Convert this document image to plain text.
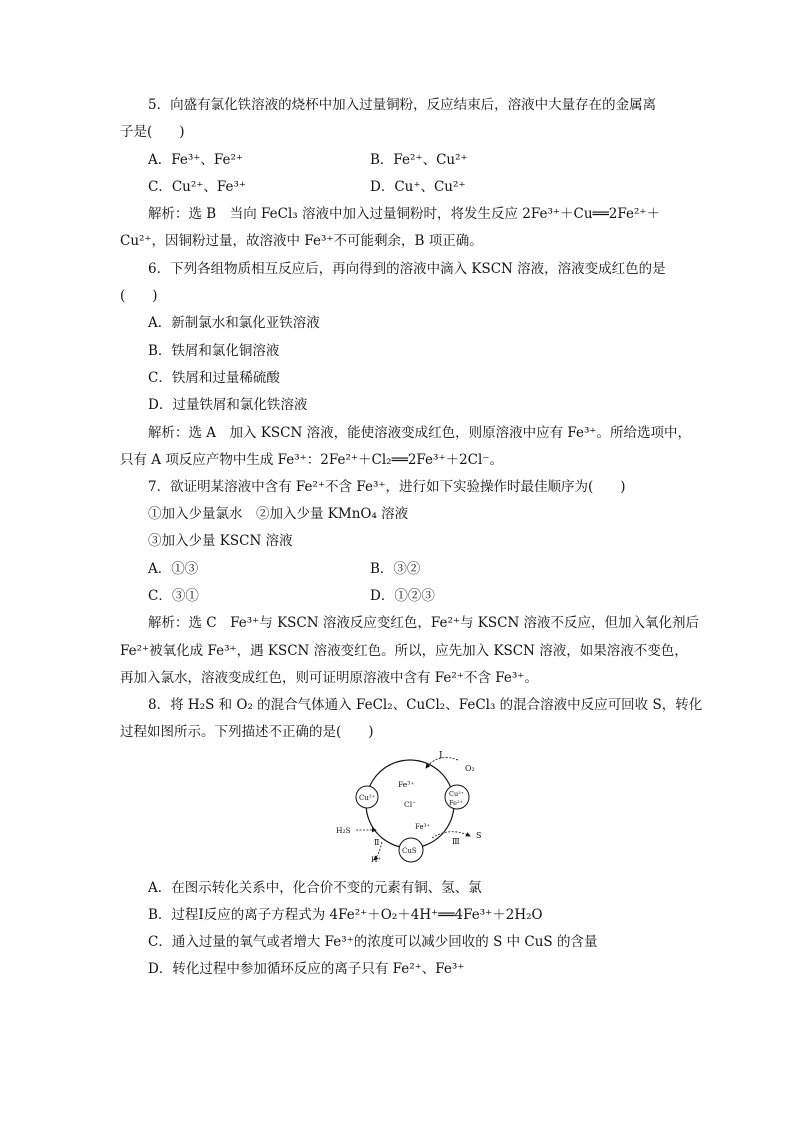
5．向盛有氯化铁溶液的烧杯中加入过量铜粉，反应结束后，溶液中大量存在的金属离
子是(　　)
A．Fe³⁺、Fe²⁺	B．Fe²⁺、Cu²⁺
C．Cu²⁺、Fe³⁺	D．Cu⁺、Cu²⁺
解析：选 B　当向 FeCl₃ 溶液中加入过量铜粉时，将发生反应 2Fe³⁺＋Cu══2Fe²⁺＋
Cu²⁺，因铜粉过量，故溶液中 Fe³⁺不可能剩余，B 项正确。
6．下列各组物质相互反应后，再向得到的溶液中滴入 KSCN 溶液，溶液变成红色的是
(　　)
A．新制氯水和氯化亚铁溶液
B．铁屑和氯化铜溶液
C．铁屑和过量稀硫酸
D．过量铁屑和氯化铁溶液
解析：选 A　加入 KSCN 溶液，能使溶液变成红色，则原溶液中应有 Fe³⁺。所给选项中，
只有 A 项反应产物中生成 Fe³⁺：2Fe²⁺＋Cl₂══2Fe³⁺＋2Cl⁻。
7．欲证明某溶液中含有 Fe²⁺不含 Fe³⁺，进行如下实验操作时最佳顺序为(　　)
①加入少量氯水　②加入少量 KMnO₄ 溶液
③加入少量 KSCN 溶液
A．①③	B．③②
C．③①	D．①②③
解析：选 C　Fe³⁺与 KSCN 溶液反应变红色，Fe²⁺与 KSCN 溶液不反应，但加入氧化剂后
Fe²⁺被氧化成 Fe³⁺，遇 KSCN 溶液变红色。所以，应先加入 KSCN 溶液，如果溶液不变色，
再加入氯水，溶液变成红色，则可证明原溶液中含有 Fe²⁺不含 Fe³⁺。
8．将 H₂S 和 O₂ 的混合气体通入 FeCl₂、CuCl₂、FeCl₃ 的混合溶液中反应可回收 S，转化
过程如图所示。下列描述不正确的是(　　)
Ⅰ
O₂
Fe³⁺
Cl⁻
Cu²⁺	Cu²⁺
Fe²⁺
H₂S
Ⅱ
H⁺
CuS
Fe³⁺
Ⅲ
S
A．在图示转化关系中，化合价不变的元素有铜、氢、氯
B．过程Ⅰ反应的离子方程式为 4Fe²⁺＋O₂＋4H⁺══4Fe³⁺＋2H₂O
C．通入过量的氧气或者增大 Fe³⁺的浓度可以减少回收的 S 中 CuS 的含量
D．转化过程中参加循环反应的离子只有 Fe²⁺、Fe³⁺
